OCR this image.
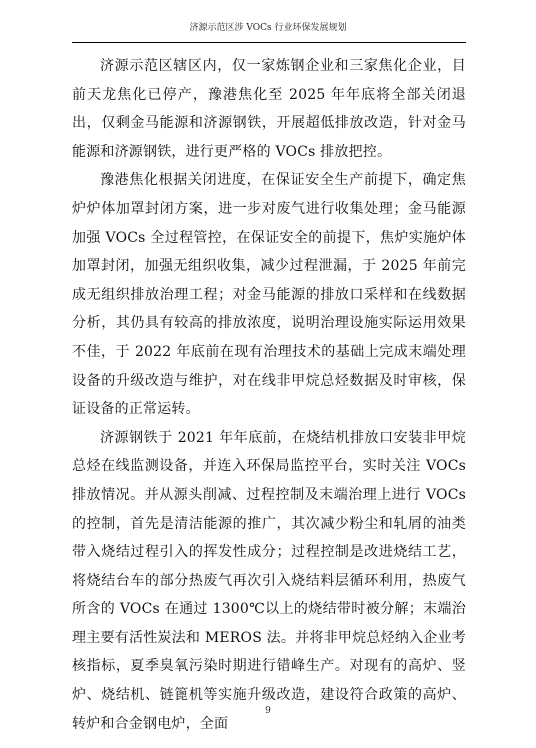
济源示范区涉 VOCs 行业环保发展规划

济源示范区辖区内，仅一家炼钢企业和三家焦化企业，目前天龙焦化已停产，豫港焦化至 2025 年年底将全部关闭退出，仅剩金马能源和济源钢铁，开展超低排放改造，针对金马能源和济源钢铁，进行更严格的 VOCs 排放把控。

豫港焦化根据关闭进度，在保证安全生产前提下，确定焦炉炉体加罩封闭方案，进一步对废气进行收集处理；金马能源加强 VOCs 全过程管控，在保证安全的前提下，焦炉实施炉体加罩封闭，加强无组织收集，减少过程泄漏，于 2025 年前完成无组织排放治理工程；对金马能源的排放口采样和在线数据分析，其仍具有较高的排放浓度，说明治理设施实际运用效果不佳，于 2022 年底前在现有治理技术的基础上完成末端处理设备的升级改造与维护，对在线非甲烷总烃数据及时审核，保证设备的正常运转。

济源钢铁于 2021 年年底前，在烧结机排放口安装非甲烷总烃在线监测设备，并连入环保局监控平台，实时关注 VOCs 排放情况。并从源头削减、过程控制及末端治理上进行 VOCs 的控制，首先是清洁能源的推广，其次减少粉尘和轧屑的油类带入烧结过程引入的挥发性成分；过程控制是改进烧结工艺，将烧结台车的部分热废气再次引入烧结料层循环利用，热废气所含的 VOCs 在通过 1300℃以上的烧结带时被分解；末端治理主要有活性炭法和 MEROS 法。并将非甲烷总烃纳入企业考核指标，夏季臭氧污染时期进行错峰生产。对现有的高炉、竖炉、烧结机、链篦机等实施升级改造，建设符合政策的高炉、转炉和合金钢电炉，全面

9
